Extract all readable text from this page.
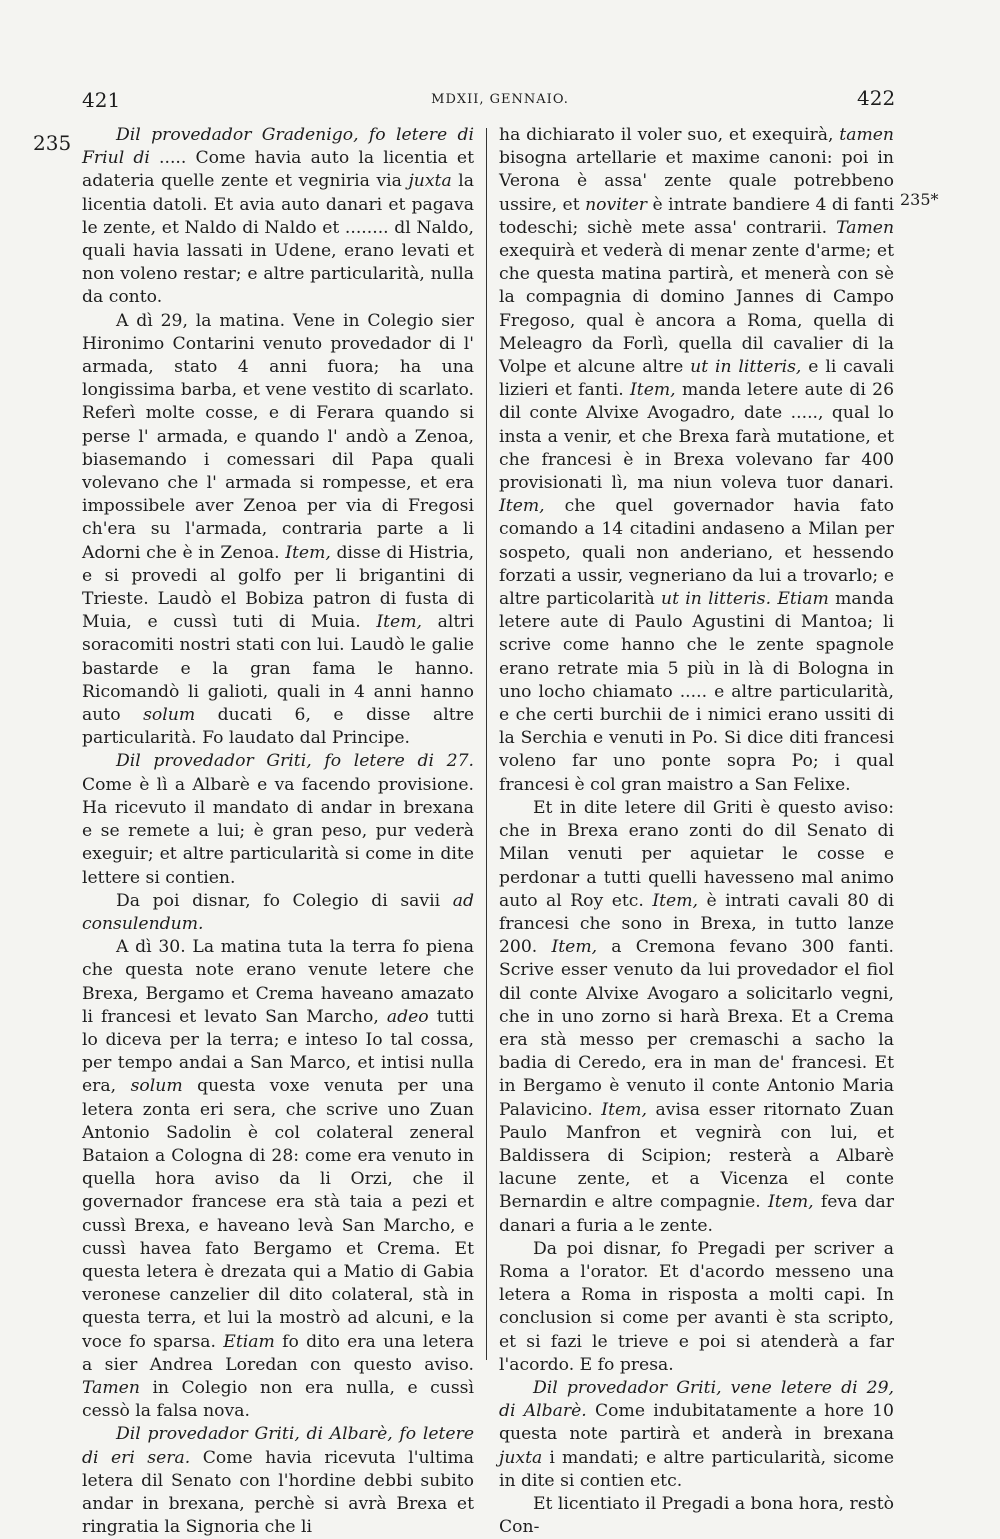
421	MDXII, GENNAIO.	422
235
235*

Dil provedador Gradenigo, fo letere di Friul di ..... Come havia auto la licentia et adateria quelle zente et vegniria via juxta la licentia datoli. Et avia auto danari et pagava le zente, et Naldo di Naldo et ........ dl Naldo, quali havia lassati in Udene, erano levati et non voleno restar; e altre particularità, nulla da conto.

A dì 29, la matina. Vene in Colegio sier Hironimo Contarini venuto provedador di l' armada, stato 4 anni fuora; ha una longissima barba, et vene vestito di scarlato. Referì molte cosse, e di Ferara quando si perse l' armada, e quando l' andò a Zenoa, biasemando i comessari dil Papa quali volevano che l' armada si rompesse, et era impossibele aver Zenoa per via di Fregosi ch'era su l'armada, contraria parte a li Adorni che è in Zenoa. Item, disse di Histria, e si provedi al golfo per li brigantini di Trieste. Laudò el Bobiza patron di fusta di Muia, e cussì tuti di Muia. Item, altri soracomiti nostri stati con lui. Laudò le galie bastarde e la gran fama le hanno. Ricomandò li galioti, quali in 4 anni hanno auto solum ducati 6, e disse altre particularità. Fo laudato dal Principe.

Dil provedador Griti, fo letere di 27. Come è lì a Albarè e va facendo provisione. Ha ricevuto il mandato di andar in brexana e se remete a lui; è gran peso, pur vederà exeguir; et altre particularità si come in dite lettere si contien.

Da poi disnar, fo Colegio di savii ad consulendum.

A dì 30. La matina tuta la terra fo piena che questa note erano venute letere che Brexa, Bergamo et Crema haveano amazato li francesi et levato San Marcho, adeo tutti lo diceva per la terra; e inteso Io tal cossa, per tempo andai a San Marco, et intisi nulla era, solum questa voxe venuta per una letera zonta eri sera, che scrive uno Zuan Antonio Sadolin è col colateral zeneral Bataion a Cologna di 28: come era venuto in quella hora aviso da li Orzi, che il governador francese era stà taia a pezi et cussì Brexa, e haveano levà San Marcho, e cussì havea fato Bergamo et Crema. Et questa letera è drezata qui a Matio di Gabia veronese canzelier dil dito colateral, stà in questa terra, et lui la mostrò ad alcuni, e la voce fo sparsa. Etiam fo dito era una letera a sier Andrea Loredan con questo aviso. Tamen in Colegio non era nulla, e cussì cessò la falsa nova.

Dil provedador Griti, di Albarè, fo letere di eri sera. Come havia ricevuta l'ultima letera dil Senato con l'hordine debbi subito andar in brexana, perchè si avrà Brexa et ringratia la Signoria che li

ha dichiarato il voler suo, et exequirà, tamen bisogna artellarie et maxime canoni: poi in Verona è assa' zente quale potrebbeno ussire, et noviter è intrate bandiere 4 di fanti todeschi; sichè mete assa' contrarii. Tamen exequirà et vederà di menar zente d'arme; et che questa matina partirà, et menerà con sè la compagnia di domino Jannes di Campo Fregoso, qual è ancora a Roma, quella di Meleagro da Forlì, quella dil cavalier di la Volpe et alcune altre ut in litteris, e li cavali lizieri et fanti. Item, manda letere aute di 26 dil conte Alvixe Avogadro, date ....., qual lo insta a venir, et che Brexa farà mutatione, et che francesi è in Brexa volevano far 400 provisionati lì, ma niun voleva tuor danari. Item, che quel governador havia fato comando a 14 citadini andaseno a Milan per sospeto, quali non anderiano, et hessendo forzati a ussir, vegneriano da lui a trovarlo; e altre particolarità ut in litteris. Etiam manda letere aute di Paulo Agustini di Mantoa; li scrive come hanno che le zente spagnole erano retrate mia 5 più in là di Bologna in uno locho chiamato ..... e altre particularità, e che certi burchii de i nimici erano ussiti di la Serchia e venuti in Po. Si dice diti francesi voleno far uno ponte sopra Po; i qual francesi è col gran maistro a San Felixe.

Et in dite letere dil Griti è questo aviso: che in Brexa erano zonti do dil Senato di Milan venuti per aquietar le cosse e perdonar a tutti quelli havesseno mal animo auto al Roy etc. Item, è intrati cavali 80 di francesi che sono in Brexa, in tutto lanze 200. Item, a Cremona fevano 300 fanti. Scrive esser venuto da lui provedador el fiol dil conte Alvixe Avogaro a solicitarlo vegni, che in uno zorno si harà Brexa. Et a Crema era stà messo per cremaschi a sacho la badia di Ceredo, era in man de' francesi. Et in Bergamo è venuto il conte Antonio Maria Palavicino. Item, avisa esser ritornato Zuan Paulo Manfron et vegnirà con lui, et Baldissera di Scipion; resterà a Albarè lacune zente, et a Vicenza el conte Bernardin e altre compagnie. Item, feva dar danari a furia a le zente.

Da poi disnar, fo Pregadi per scriver a Roma a l'orator. Et d'acordo messeno una letera a Roma in risposta a molti capi. In conclusion si come per avanti è sta scripto, et si fazi le trieve e poi si atenderà a far l'acordo. E fo presa.

Dil provedador Griti, vene letere di 29, di Albarè. Come indubitatamente a hore 10 questa note partirà et anderà in brexana juxta i mandati; e altre particularità, sicome in dite si contien etc.

Et licentiato il Pregadi a bona hora, restò Con-
